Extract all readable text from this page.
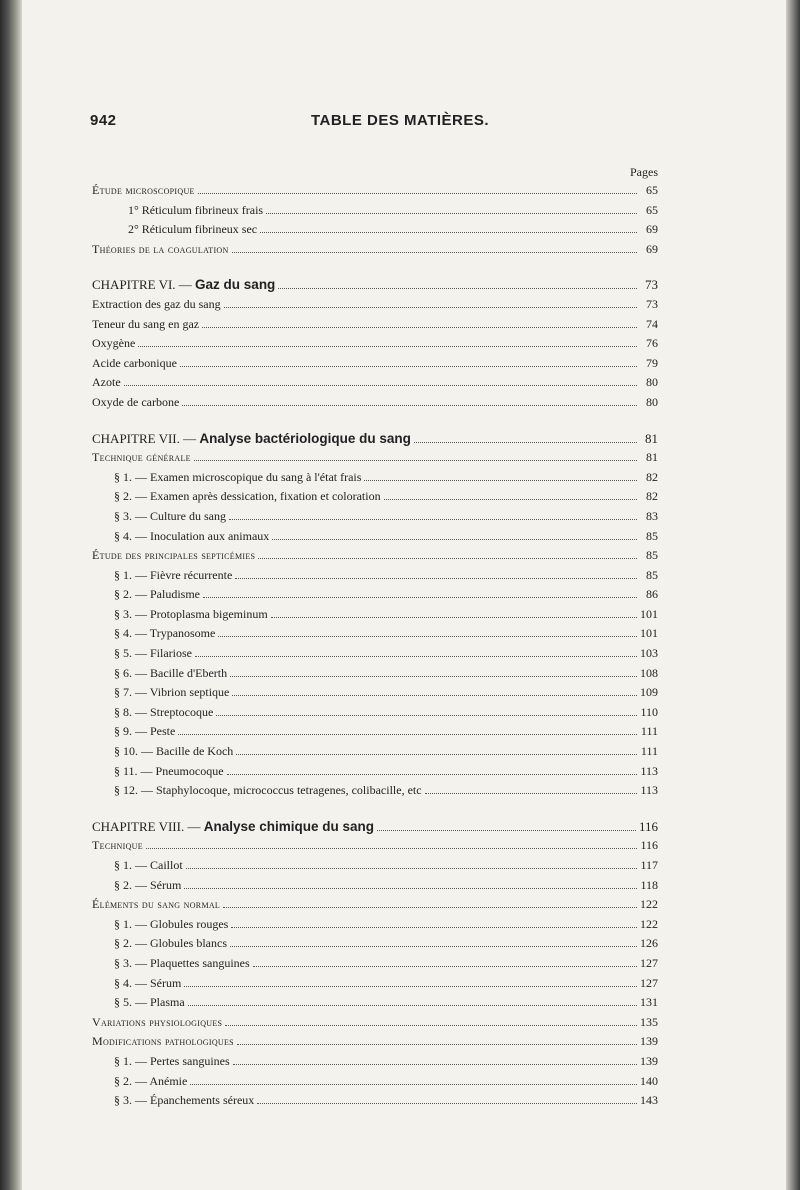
942	TABLE DES MATIÈRES.
Pages
Étude microscopique	65
1° Réticulum fibrineux frais	65
2° Réticulum fibrineux sec	69
Théories de la coagulation	69
CHAPITRE VI. — Gaz du sang	73
Extraction des gaz du sang	73
Teneur du sang en gaz	74
Oxygène	76
Acide carbonique	79
Azote	80
Oxyde de carbone	80
CHAPITRE VII. — Analyse bactériologique du sang	81
Technique générale	81
§ 1. — Examen microscopique du sang à l'état frais	82
§ 2. — Examen après dessication, fixation et coloration	82
§ 3. — Culture du sang	83
§ 4. — Inoculation aux animaux	85
Étude des principales septicémies	85
§ 1. — Fièvre récurrente	85
§ 2. — Paludisme	86
§ 3. — Protoplasma bigeminum	101
§ 4. — Trypanosome	101
§ 5. — Filariose	103
§ 6. — Bacille d'Eberth	108
§ 7. — Vibrion septique	109
§ 8. — Streptocoque	110
§ 9. — Peste	111
§ 10. — Bacille de Koch	111
§ 11. — Pneumocoque	113
§ 12. — Staphylocoque, micrococcus tetragenes, colibacille, etc	113
CHAPITRE VIII. — Analyse chimique du sang	116
Technique	116
§ 1. — Caillot	117
§ 2. — Sérum	118
Éléments du sang normal	122
§ 1. — Globules rouges	122
§ 2. — Globules blancs	126
§ 3. — Plaquettes sanguines	127
§ 4. — Sérum	127
§ 5. — Plasma	131
Variations physiologiques	135
Modifications pathologiques	139
§ 1. — Pertes sanguines	139
§ 2. — Anémie	140
§ 3. — Épanchements séreux	143
